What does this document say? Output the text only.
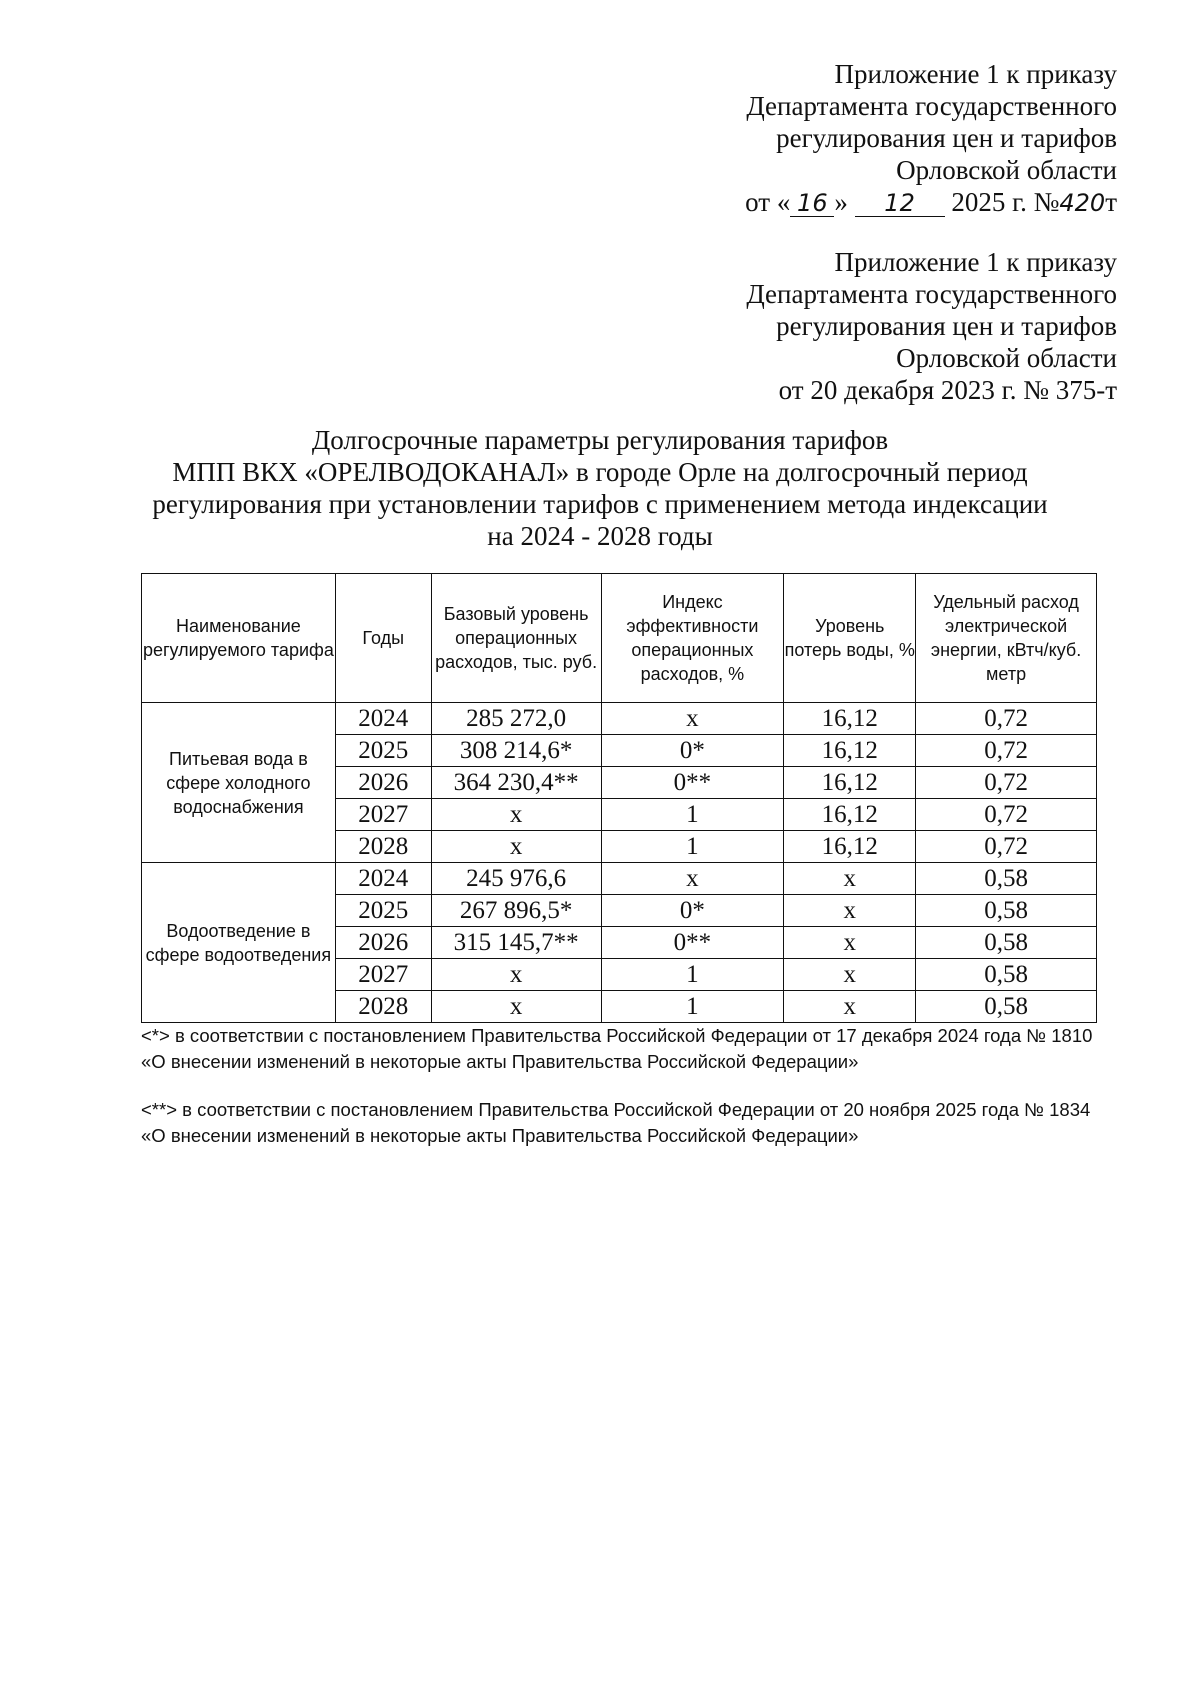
Приложение 1 к приказу
Департамента государственного
регулирования цен и тарифов
Орловской области
от « 16 » 12 2025 г. №420т
Приложение 1 к приказу
Департамента государственного
регулирования цен и тарифов
Орловской области
от 20 декабря 2023 г. № 375-т
Долгосрочные параметры регулирования тарифов
МПП ВКХ «ОРЕЛВОДОКАНАЛ» в городе Орле на долгосрочный период
регулирования при установлении тарифов с применением метода индексации
на 2024 - 2028 годы
Наименование регулируемого тарифа	Годы	Базовый уровень операционных расходов, тыс. руб.	Индекс эффективности операционных расходов, %	Уровень потерь воды, %	Удельный расход электрической энергии, кВтч/куб. метр
Питьевая вода в сфере холодного водоснабжения	2024	285 272,0	x	16,12	0,72
	2025	308 214,6*	0*	16,12	0,72
	2026	364 230,4**	0**	16,12	0,72
	2027	x	1	16,12	0,72
	2028	x	1	16,12	0,72
Водоотведение в сфере водоотведения	2024	245 976,6	x	x	0,58
	2025	267 896,5*	0*	x	0,58
	2026	315 145,7**	0**	x	0,58
	2027	x	1	x	0,58
	2028	x	1	x	0,58

<*> в соответствии с постановлением Правительства Российской Федерации от 17 декабря 2024 года № 1810 «О внесении изменений в некоторые акты Правительства Российской Федерации»

<**> в соответствии с постановлением Правительства Российской Федерации от 20 ноября 2025 года № 1834 «О внесении изменений в некоторые акты Правительства Российской Федерации»
